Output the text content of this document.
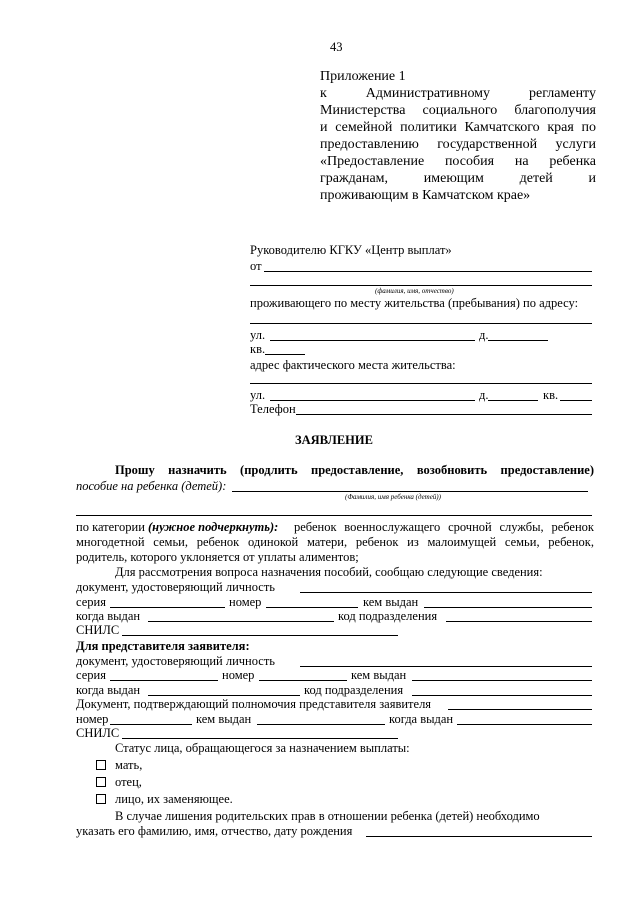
43
Приложение 1
к Административному регламенту
Министерства социального благополучия
и семейной политики Камчатского края по
предоставлению государственной услуги
«Предоставление пособия на ребенка
гражданам, имеющим детей и
проживающим в Камчатском крае»
Руководителю КГКУ «Центр выплат»
от
(фамилия, имя, отчество)
проживающего по месту жительства (пребывания) по адресу:
ул.	д.
кв.
адрес фактического места жительства:
ул.	д.	кв.
Телефон
ЗАЯВЛЕНИЕ
Прошу назначить (продлить предоставление, возобновить предоставление)
пособие на ребенка (детей):
(Фамилия, имя ребенка (детей))
по категории (нужное подчеркнуть): ребенок военнослужащего срочной службы, ребенок
многодетной семьи, ребенок одинокой матери, ребенок из малоимущей семьи, ребенок,
родитель, которого уклоняется от уплаты алиментов;
Для рассмотрения вопроса назначения пособий, сообщаю следующие сведения:
документ, удостоверяющий личность
серия	номер	кем выдан
когда выдан	код подразделения
СНИЛС
Для представителя заявителя:
документ, удостоверяющий личность
серия	номер	кем выдан
когда выдан	код подразделения
Документ, подтверждающий полномочия представителя заявителя
номер	кем выдан	когда выдан
СНИЛС
Статус лица, обращающегося за назначением выплаты:
мать,
отец,
лицо, их заменяющее.
В случае лишения родительских прав в отношении ребенка (детей) необходимо
указать его фамилию, имя, отчество, дату рождения
